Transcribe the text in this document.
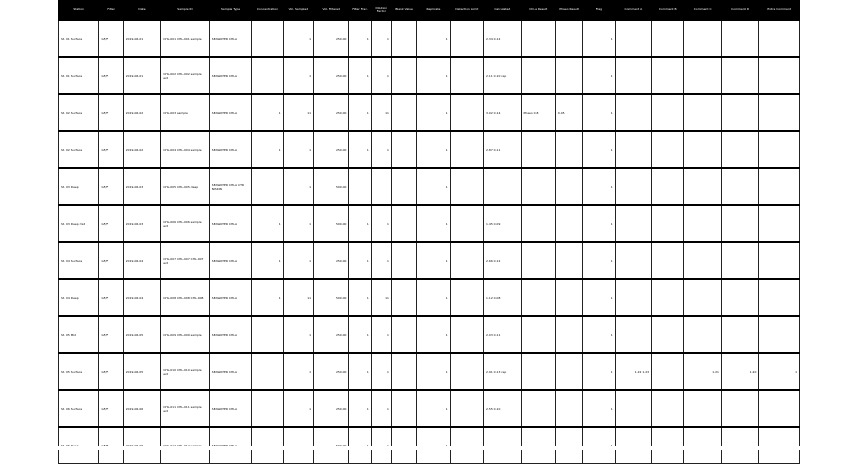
Station	Filter	Date	Sample ID	Sample Type	Concentration	Vol. Sampled	Vol. Filtered	Filter Frac.	Dilution Factor	Blank Value	Replicate	Detection Limit	Calculated	Chl-a Result	Phaeo Result	Flag	Comment A	Comment B	Comment C	Comment D	Extra Comment
St. 01 Surface	GF/F	2019-06-01	CHL-001 CHL-001 sample	SEAWATER CHLA		1	250.00	1	1		1		2.34 0.12			1					
St. 01 Surface	GF/F	2019-06-01	CHL-002 CHL-002 sample ext	SEAWATER CHLA		1	250.00	1	1		1		2.11 0.10 rep			1					
St. 02 Surface	GF/F	2019-06-02	CHL-003 sample	SEAWATER CHLA	1	11	250.00	1	11		1		3.02 0.14	Phaeo 0.8	0.45	1					
St. 02 Surface	GF/F	2019-06-02	CHL-004 CHL-004 sample	SEAWATER CHLA	1	1	250.00	1	1		1		2.87 0.11			1					
St. 03 Deep	GF/F	2019-06-03	CHL-005 CHL-005 deep	SEAWATER CHLA CTD NISKIN		1	500.00				1					1					
St. 03 Deep mid	GF/F	2019-06-03	CHL-006 CHL-006 sample ext	SEAWATER CHLA	1	1	500.00	1	1		1		1.45 0.09			1					
St. 04 Surface	GF/F	2019-06-04	CHL-007 CHL-007 CHL-007 ext	SEAWATER CHLA	1	1	250.00	1	1		1		2.66 0.12			1					
St. 04 Deep	GF/F	2019-06-04	CHL-008 CHL-008 CHL-008	SEAWATER CHLA	1	11	500.00	1	11		1		1.12 0.08			1					
St. 05 Mid	GF/F	2019-06-05	CHL-009 CHL-009 sample	SEAWATER CHLA		1	250.00	1	1		1		2.03 0.11			1					
St. 05 Surface	GF/F	2019-06-05	CHL-010 CHL-010 sample ext	SEAWATER CHLA		1	250.00	1	1		1		2.91 0.13 rep			1	1.22 1.23		1.21	1.20	1
St. 06 Surface	GF/F	2019-06-06	CHL-011 CHL-011 sample ext	SEAWATER CHLA		1	250.00	1	1		1		2.55 0.10			1					
